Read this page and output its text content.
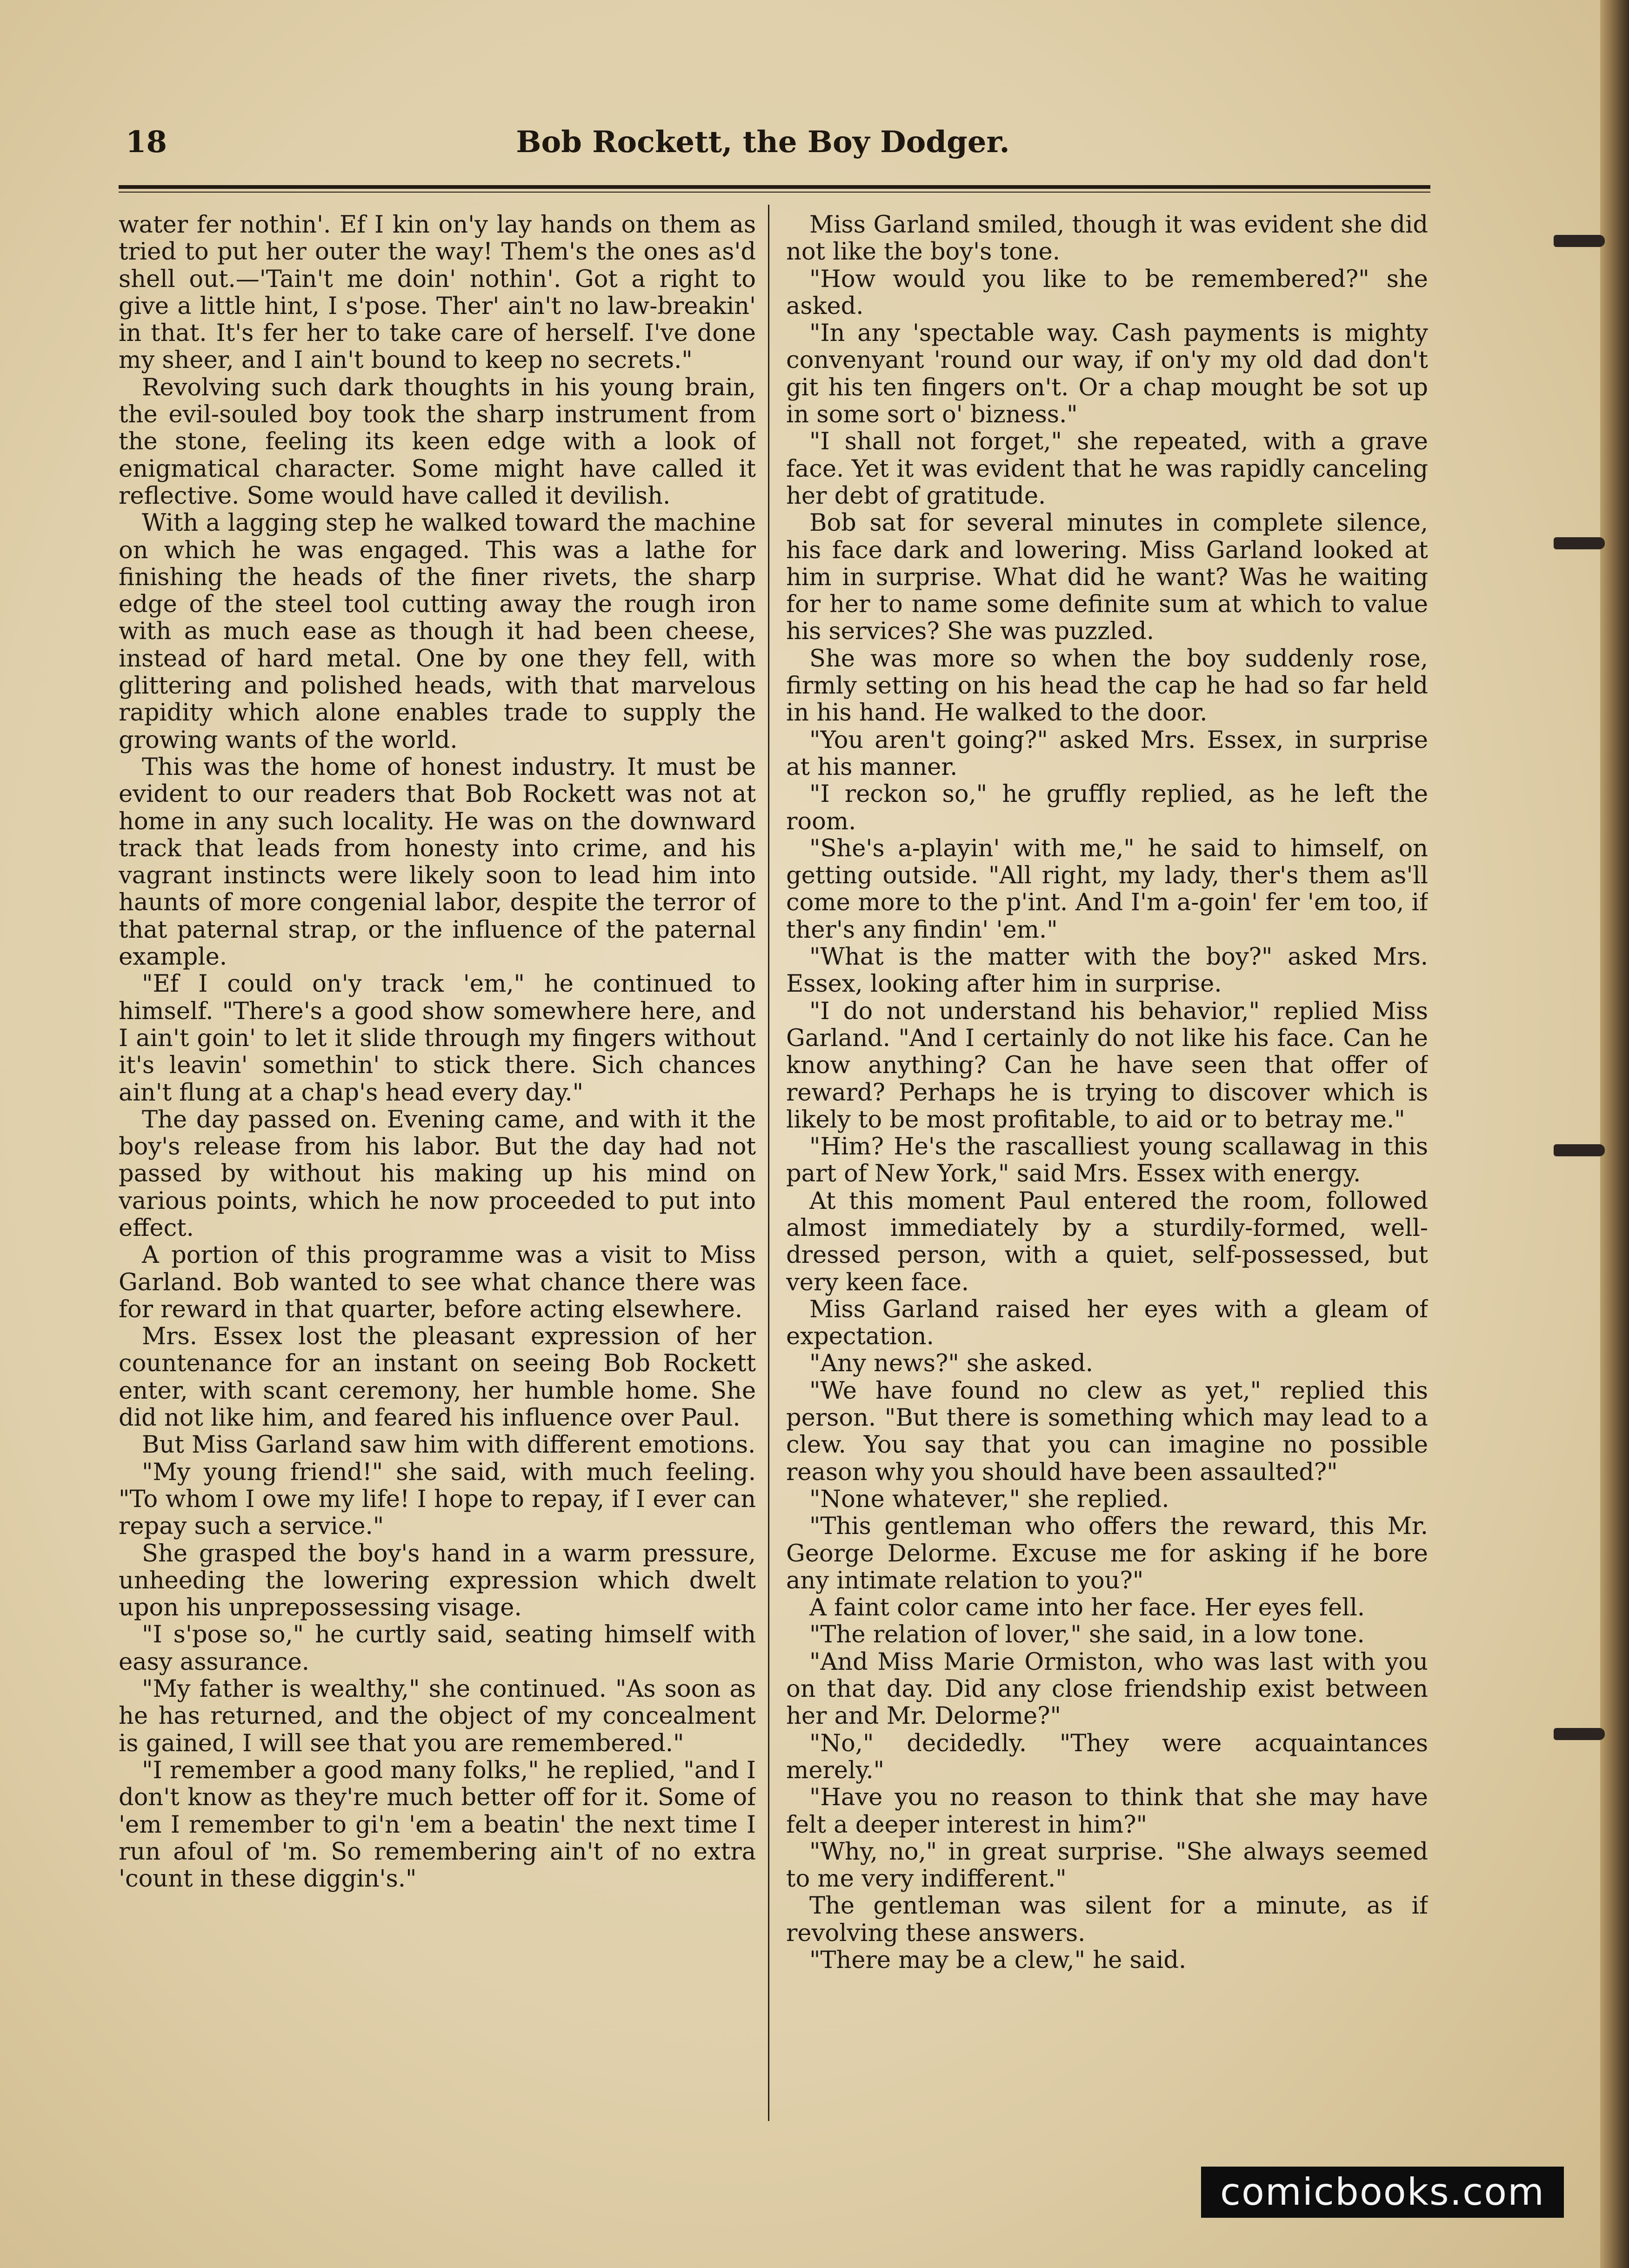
18	Bob Rockett, the Boy Dodger.

water fer nothin'. Ef I kin on'y lay hands on them as tried to put her outer the way! Them's the ones as'd shell out.—'Tain't me doin' nothin'. Got a right to give a little hint, I s'pose. Ther' ain't no law-breakin' in that. It's fer her to take care of herself. I've done my sheer, and I ain't bound to keep no secrets."

Revolving such dark thoughts in his young brain, the evil-souled boy took the sharp instrument from the stone, feeling its keen edge with a look of enigmatical character. Some might have called it reflective. Some would have called it devilish.

With a lagging step he walked toward the machine on which he was engaged. This was a lathe for finishing the heads of the finer rivets, the sharp edge of the steel tool cutting away the rough iron with as much ease as though it had been cheese, instead of hard metal. One by one they fell, with glittering and polished heads, with that marvelous rapidity which alone enables trade to supply the growing wants of the world.

This was the home of honest industry. It must be evident to our readers that Bob Rockett was not at home in any such locality. He was on the downward track that leads from honesty into crime, and his vagrant instincts were likely soon to lead him into haunts of more congenial labor, despite the terror of that paternal strap, or the influence of the paternal example.

"Ef I could on'y track 'em," he continued to himself. "There's a good show somewhere here, and I ain't goin' to let it slide through my fingers without it's leavin' somethin' to stick there. Sich chances ain't flung at a chap's head every day."

The day passed on. Evening came, and with it the boy's release from his labor. But the day had not passed by without his making up his mind on various points, which he now proceeded to put into effect.

A portion of this programme was a visit to Miss Garland. Bob wanted to see what chance there was for reward in that quarter, before acting elsewhere.

Mrs. Essex lost the pleasant expression of her countenance for an instant on seeing Bob Rockett enter, with scant ceremony, her humble home. She did not like him, and feared his influence over Paul.

But Miss Garland saw him with different emotions.

"My young friend!" she said, with much feeling. "To whom I owe my life! I hope to repay, if I ever can repay such a service."

She grasped the boy's hand in a warm pressure, unheeding the lowering expression which dwelt upon his unprepossessing visage.

"I s'pose so," he curtly said, seating himself with easy assurance.

"My father is wealthy," she continued. "As soon as he has returned, and the object of my concealment is gained, I will see that you are remembered."

"I remember a good many folks," he replied, "and I don't know as they're much better off for it. Some of 'em I remember to gi'n 'em a beatin' the next time I run afoul of 'm. So remembering ain't of no extra 'count in these diggin's."

Miss Garland smiled, though it was evident she did not like the boy's tone.

"How would you like to be remembered?" she asked.

"In any 'spectable way. Cash payments is mighty convenyant 'round our way, if on'y my old dad don't git his ten fingers on't. Or a chap mought be sot up in some sort o' bizness."

"I shall not forget," she repeated, with a grave face. Yet it was evident that he was rapidly canceling her debt of gratitude.

Bob sat for several minutes in complete silence, his face dark and lowering. Miss Garland looked at him in surprise. What did he want? Was he waiting for her to name some definite sum at which to value his services? She was puzzled.

She was more so when the boy suddenly rose, firmly setting on his head the cap he had so far held in his hand. He walked to the door.

"You aren't going?" asked Mrs. Essex, in surprise at his manner.

"I reckon so," he gruffly replied, as he left the room.

"She's a-playin' with me," he said to himself, on getting outside. "All right, my lady, ther's them as'll come more to the p'int. And I'm a-goin' fer 'em too, if ther's any findin' 'em."

"What is the matter with the boy?" asked Mrs. Essex, looking after him in surprise.

"I do not understand his behavior," replied Miss Garland. "And I certainly do not like his face. Can he know anything? Can he have seen that offer of reward? Perhaps he is trying to discover which is likely to be most profitable, to aid or to betray me."

"Him? He's the rascalliest young scallawag in this part of New York," said Mrs. Essex with energy.

At this moment Paul entered the room, followed almost immediately by a sturdily-formed, well-dressed person, with a quiet, self-possessed, but very keen face.

Miss Garland raised her eyes with a gleam of expectation.

"Any news?" she asked.

"We have found no clew as yet," replied this person. "But there is something which may lead to a clew. You say that you can imagine no possible reason why you should have been assaulted?"

"None whatever," she replied.

"This gentleman who offers the reward, this Mr. George Delorme. Excuse me for asking if he bore any intimate relation to you?"

A faint color came into her face. Her eyes fell.

"The relation of lover," she said, in a low tone.

"And Miss Marie Ormiston, who was last with you on that day. Did any close friendship exist between her and Mr. Delorme?"

"No," decidedly. "They were acquaintances merely."

"Have you no reason to think that she may have felt a deeper interest in him?"

"Why, no," in great surprise. "She always seemed to me very indifferent."

The gentleman was silent for a minute, as if revolving these answers.

"There may be a clew," he said.

comicbooks.com
